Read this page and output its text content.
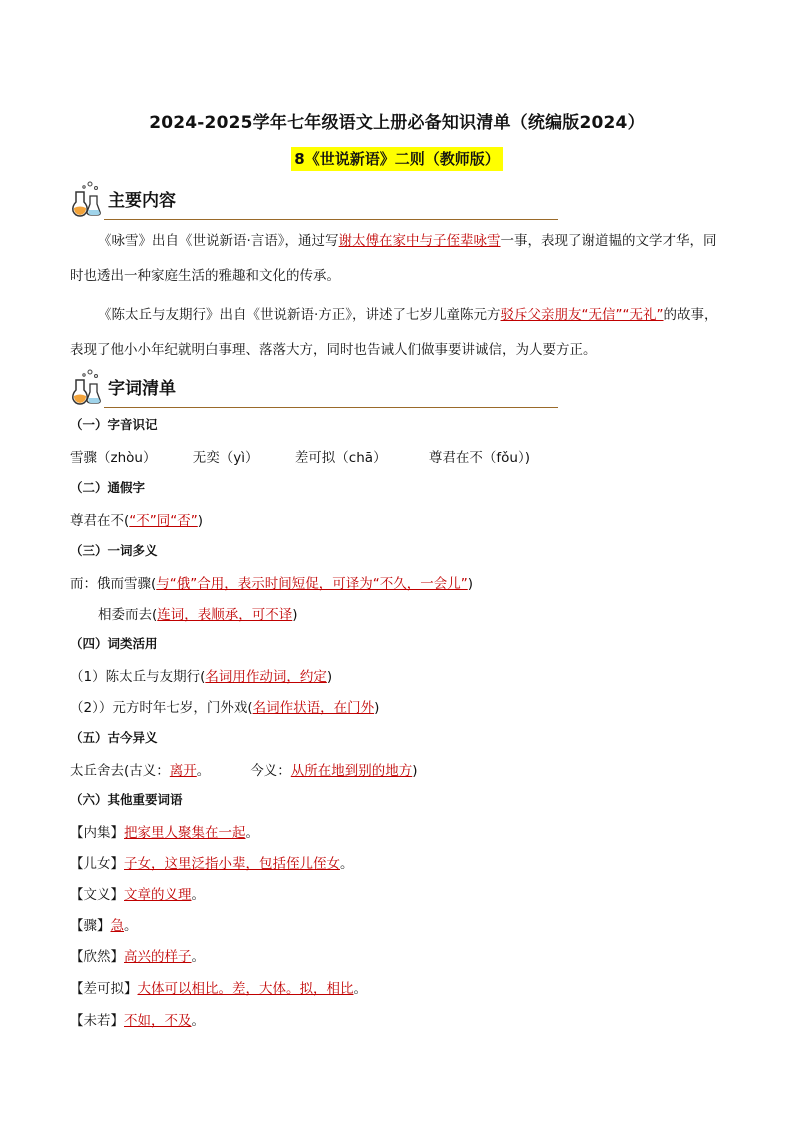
2024-2025学年七年级语文上册必备知识清单（统编版2024）
8《世说新语》二则（教师版）
主要内容
《咏雪》出自《世说新语·言语》，通过写谢太傅在家中与子侄辈咏雪一事，表现了谢道韫的文学才华，同时也透出一种家庭生活的雅趣和文化的传承。
《陈太丘与友期行》出自《世说新语·方正》，讲述了七岁儿童陈元方驳斥父亲朋友“无信”“无礼”的故事，表现了他小小年纪就明白事理、落落大方，同时也告诫人们做事要讲诚信，为人要方正。
字词清单
（一）字音识记
雪骤（zhòu）	无奕（yì）	差可拟（chā）	尊君在不（fǒu）)
（二）通假字
尊君在不(“不”同“否”)
（三）一词多义
而：俄而雪骤(与“俄”合用，表示时间短促，可译为“不久，一会儿”)
相委而去(连词，表顺承，可不译)
（四）词类活用
（1）陈太丘与友期行(名词用作动词，约定)
（2））元方时年七岁，门外戏(名词作状语，在门外)
（五）古今异义
太丘舍去(古义：离开。	今义：从所在地到别的地方)
（六）其他重要词语
【内集】把家里人聚集在一起。
【儿女】子女，这里泛指小辈，包括侄儿侄女。
【文义】文章的义理。
【骤】急。
【欣然】高兴的样子。
【差可拟】大体可以相比。差，大体。拟，相比。
【未若】不如，不及。
